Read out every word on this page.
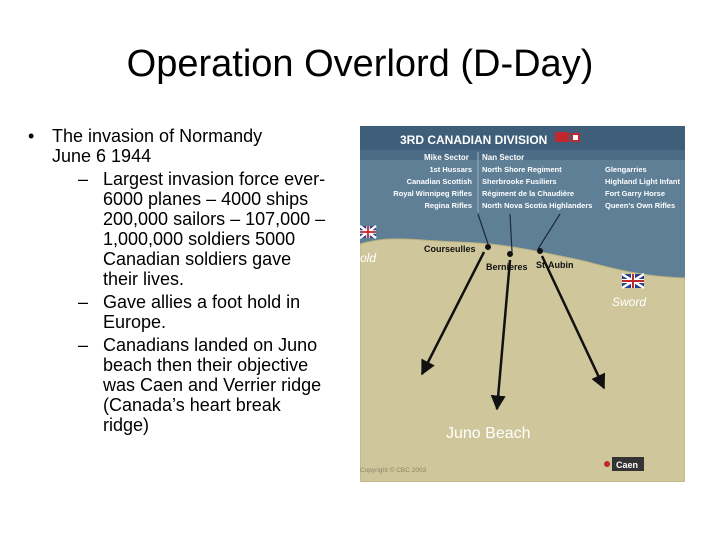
Operation Overlord (D-Day)
• The invasion of Normandy
June 6 1944
– Largest invasion force ever-
6000 planes – 4000 ships
200,000 sailors – 107,000 –
1,000,000 soldiers 5000
Canadian soldiers gave
their lives.
– Gave allies a foot hold in
Europe.
– Canadians landed on Juno
beach then their objective
was Caen and Verrier ridge
(Canada’s heart break
ridge)
3RD CANADIAN DIVISION
Mike Sector Nan Sector
1st Hussars
Canadian Scottish
Royal Winnipeg Rifles
Regina Rifles
North Shore Regiment
Sherbrooke Fusiliers
Régiment de la Chaudière
North Nova Scotia Highlanders
Glengarries
Highland Light Infant
Fort Garry Horse
Queen's Own Rifles
Courseulles
Bernieres St-Aubin
old
Sword
Juno Beach
Copyright © CBC 2003
Caen
